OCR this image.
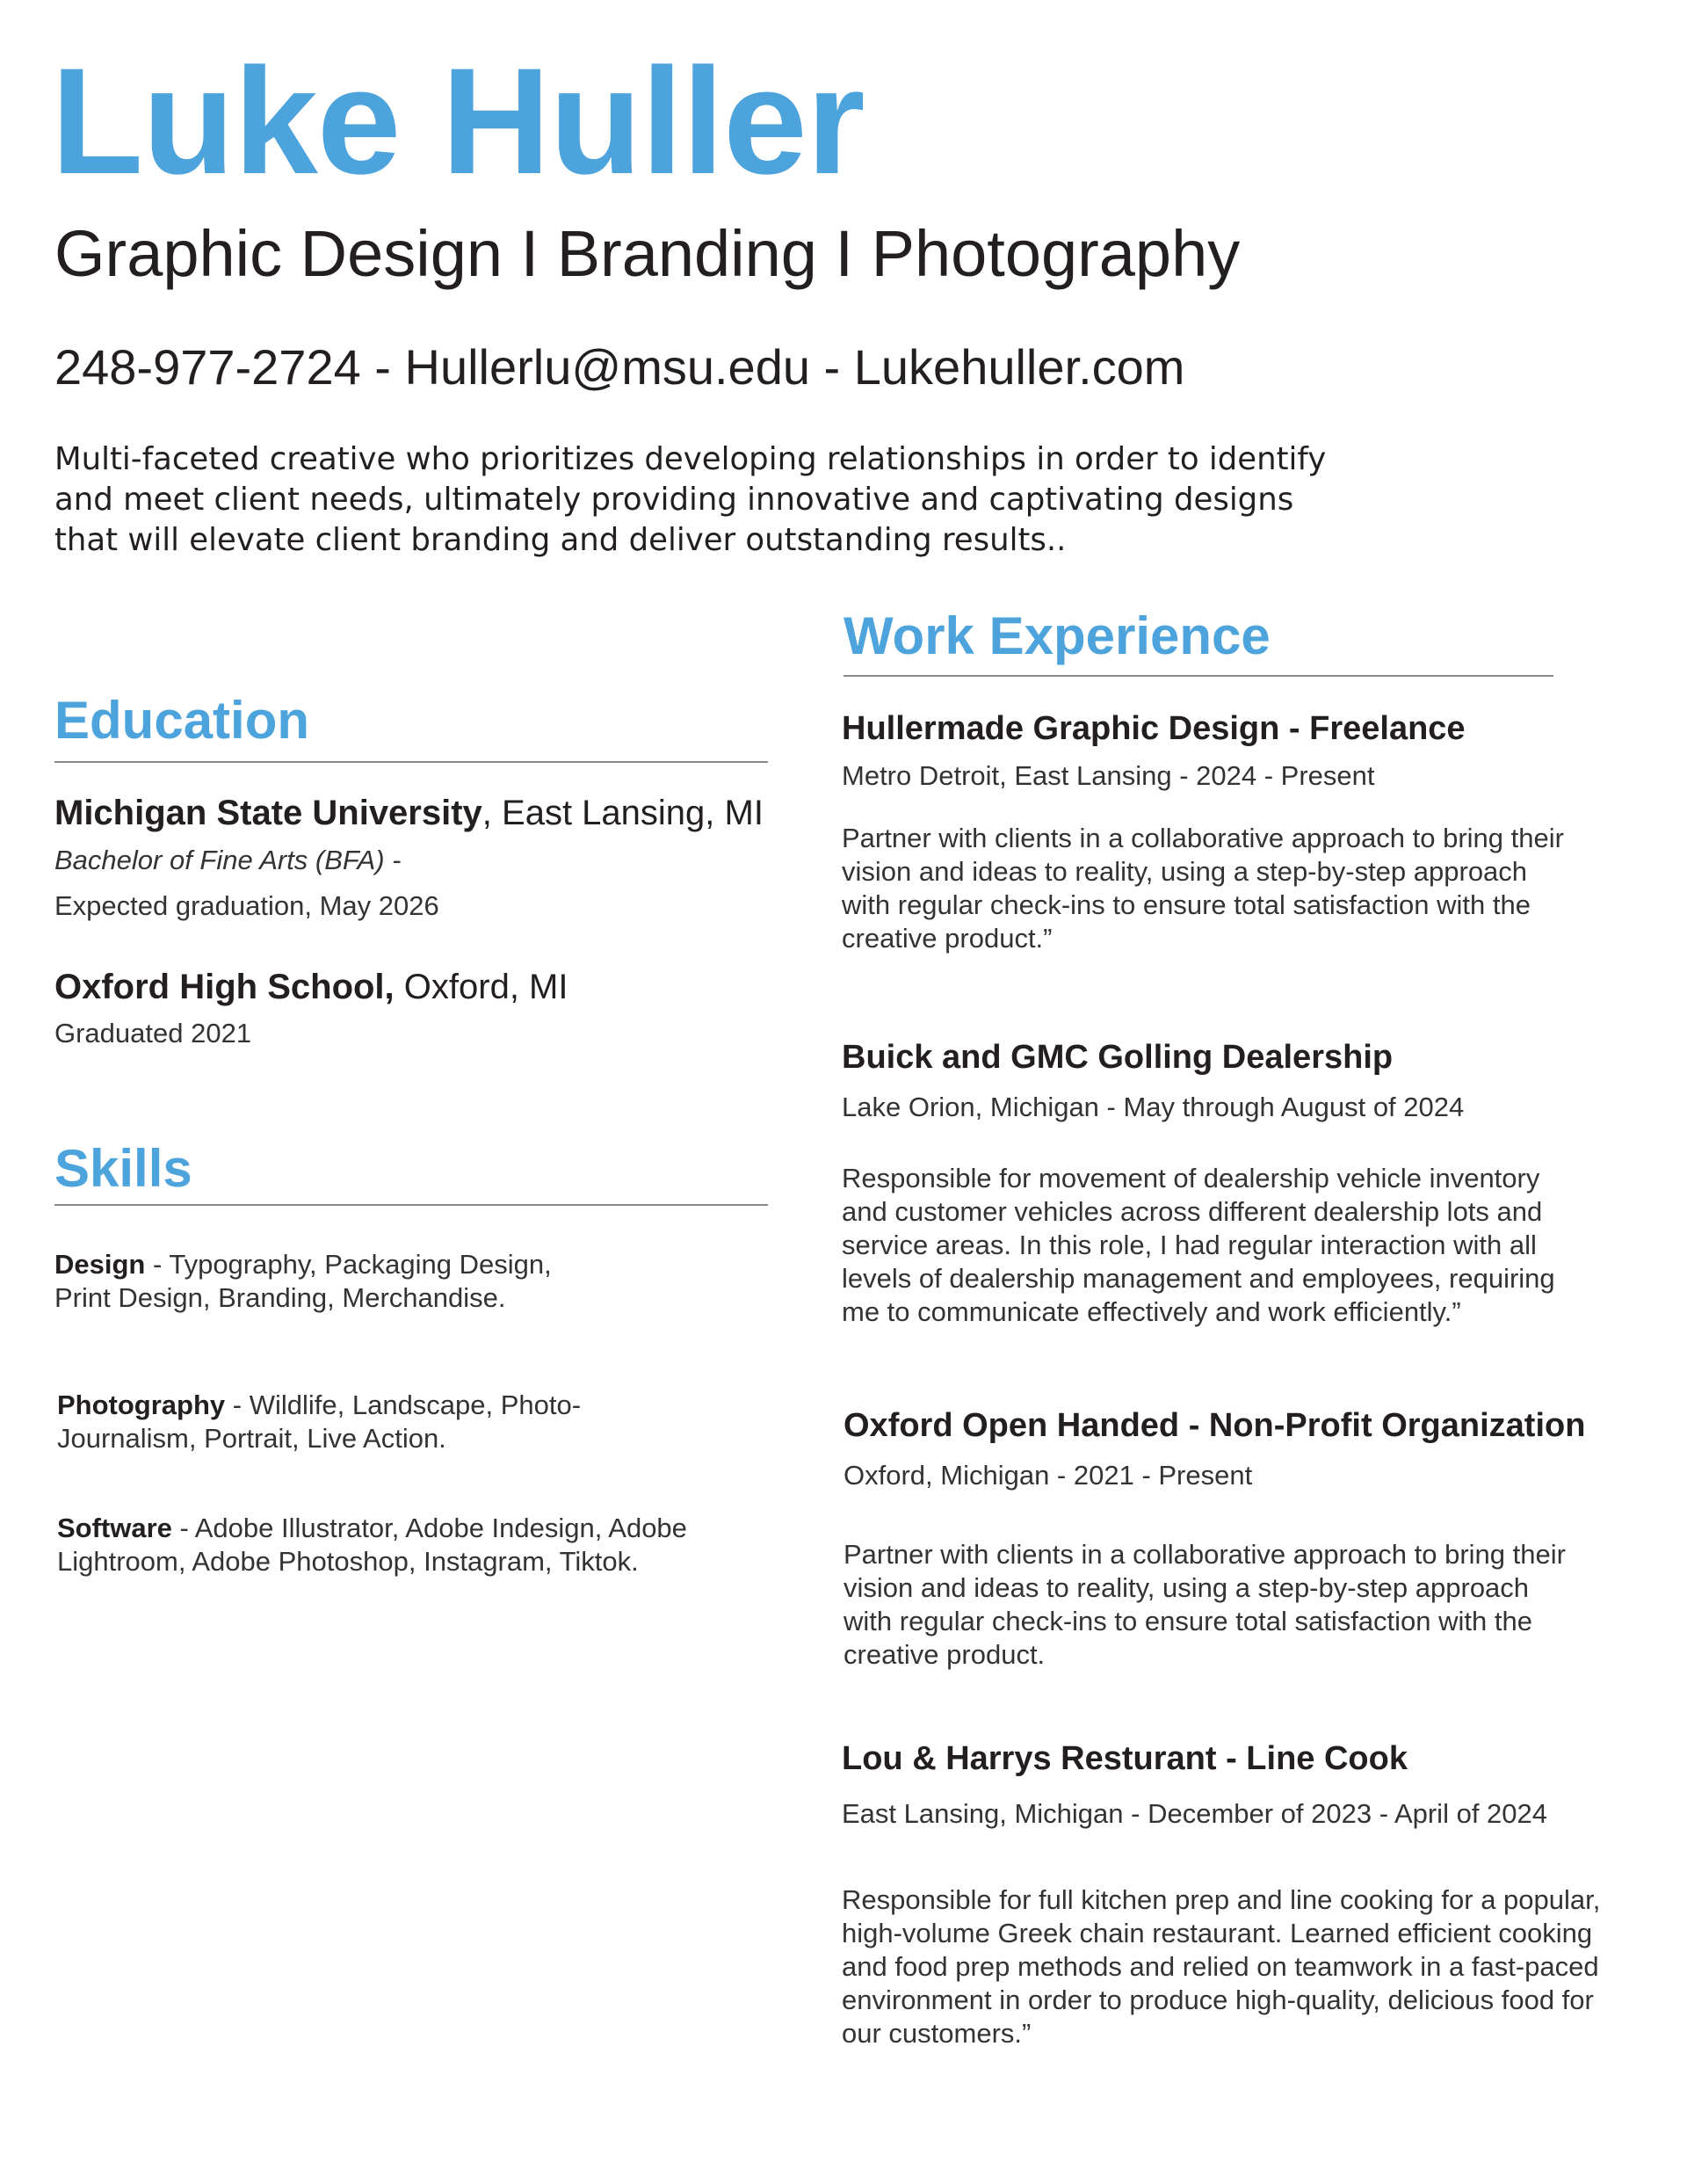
Luke Huller

Graphic Design I Branding I Photography

248-977-2724 - Hullerlu@msu.edu - Lukehuller.com

Multi-faceted creative who prioritizes developing relationships in order to identify and meet client needs, ultimately providing innovative and captivating designs that will elevate client branding and deliver outstanding results..

Education
Michigan State University, East Lansing, MI
Bachelor of Fine Arts (BFA) -
Expected graduation, May 2026
Oxford High School, Oxford, MI
Graduated 2021
Skills
Design - Typography, Packaging Design, Print Design, Branding, Merchandise.
Photography - Wildlife, Landscape, Photo-Journalism, Portrait, Live Action.
Software - Adobe Illustrator, Adobe Indesign, Adobe Lightroom, Adobe Photoshop, Instagram, Tiktok.
Work Experience
Hullermade Graphic Design - Freelance
Metro Detroit, East Lansing - 2024 - Present

Partner with clients in a collaborative approach to bring their vision and ideas to reality, using a step-by-step approach with regular check-ins to ensure total satisfaction with the creative product.”

Buick and GMC Golling Dealership
Lake Orion, Michigan - May through August of 2024

Responsible for movement of dealership vehicle inventory and customer vehicles across different dealership lots and service areas. In this role, I had regular interaction with all levels of dealership management and employees, requiring me to communicate effectively and work efficiently.”

Oxford Open Handed - Non-Profit Organization
Oxford, Michigan - 2021 - Present

Partner with clients in a collaborative approach to bring their vision and ideas to reality, using a step-by-step approach with regular check-ins to ensure total satisfaction with the creative product.

Lou & Harrys Resturant - Line Cook
East Lansing, Michigan - December of 2023 - April of 2024

Responsible for full kitchen prep and line cooking for a popular, high-volume Greek chain restaurant. Learned efficient cooking and food prep methods and relied on teamwork in a fast-paced environment in order to produce high-quality, delicious food for our customers.”
